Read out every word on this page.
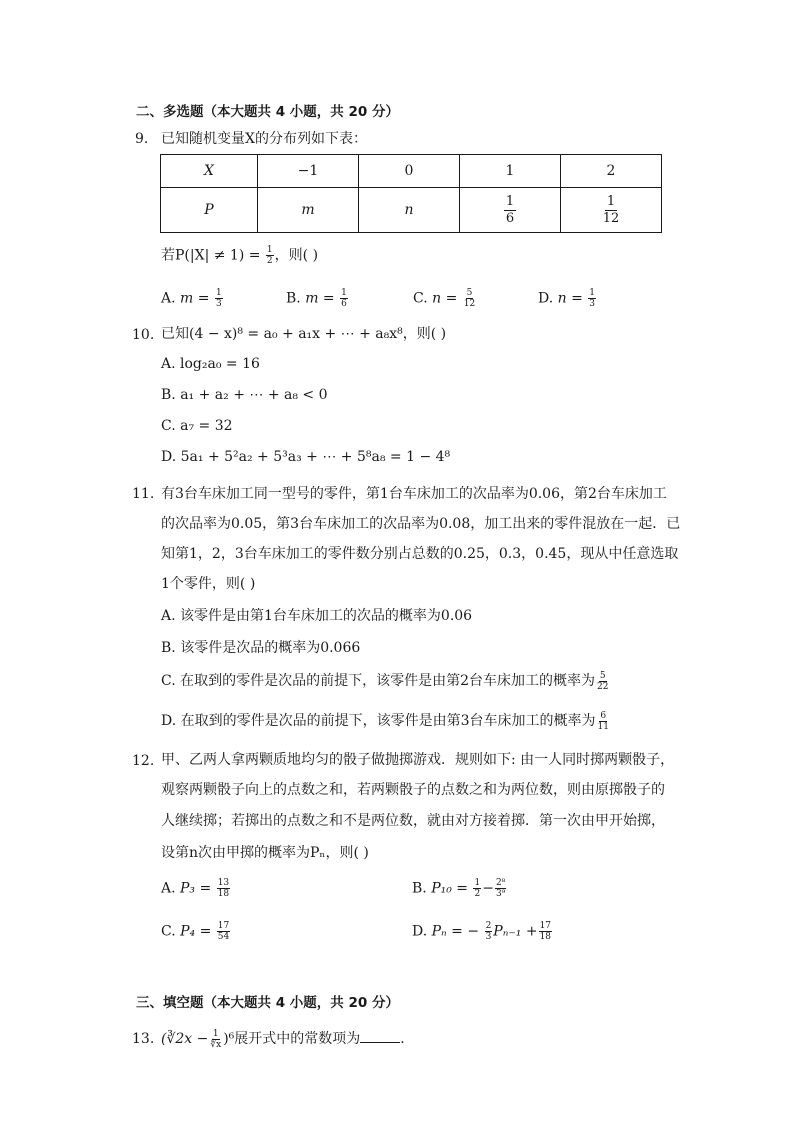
二、多选题（本大题共 4 小题，共 20 分）
9. 已知随机变量X的分布列如下表：
X	−1	0	1	2
P	m	n	$\frac{1}{6}$	$\frac{1}{12}$
若$P(|X| \ne 1) = \frac{1}{2}$ ，则( )
A. $m = \frac{1}{3}$	B. $m = \frac{1}{6}$	C. $n = \frac{5}{12}$	D. $n = \frac{1}{3}$
10. 已知(4 − x)⁸ = a₀ + a₁x + ⋯ + a₈x⁸，则( )
A. log₂a₀ = 16
B. a₁ + a₂ + ⋯ + a₈ < 0
C. a₇ = 32
D. 5a₁ + 5²a₂ + 5³a₃ + ⋯ + 5⁸a₈ = 1 − 4⁸
11. 有3台车床加工同一型号的零件，第1台车床加工的次品率为0.06，第2台车床加工
的次品率为0.05，第3台车床加工的次品率为0.08，加工出来的零件混放在一起．已
知第1，2，3台车床加工的零件数分别占总数的0.25，0.3，0.45，现从中任意选取
1个零件，则( )
A. 该零件是由第1台车床加工的次品的概率为0.06
B. 该零件是次品的概率为0.066
C. 在取到的零件是次品的前提下，该零件是由第2台车床加工的概率为 $\frac{5}{22}$
D. 在取到的零件是次品的前提下，该零件是由第3台车床加工的概率为 $\frac{6}{11}$
12. 甲、乙两人拿两颗质地均匀的骰子做抛掷游戏．规则如下: 由一人同时掷两颗骰子，
观察两颗骰子向上的点数之和，若两颗骰子的点数之和为两位数，则由原掷骰子的
人继续掷；若掷出的点数之和不是两位数，就由对方接着掷．第一次由甲开始掷，
设第n次由甲掷的概率为Pₙ，则( )
A. $P_3 = \frac{13}{18}$	B. $P_{10} = \frac{1}{2} - \frac{\text{2⁸}}{\text{3⁹}}$
C. $P_4 = \frac{17}{54}$	D. Pₙ = − $\frac{2}{3} P_{n-1} + \frac{17}{18}$
三、填空题（本大题共 4 小题，共 20 分）
13. (∛2x − $\frac{1}{∜x} )^6$展开式中的常数项为	.
